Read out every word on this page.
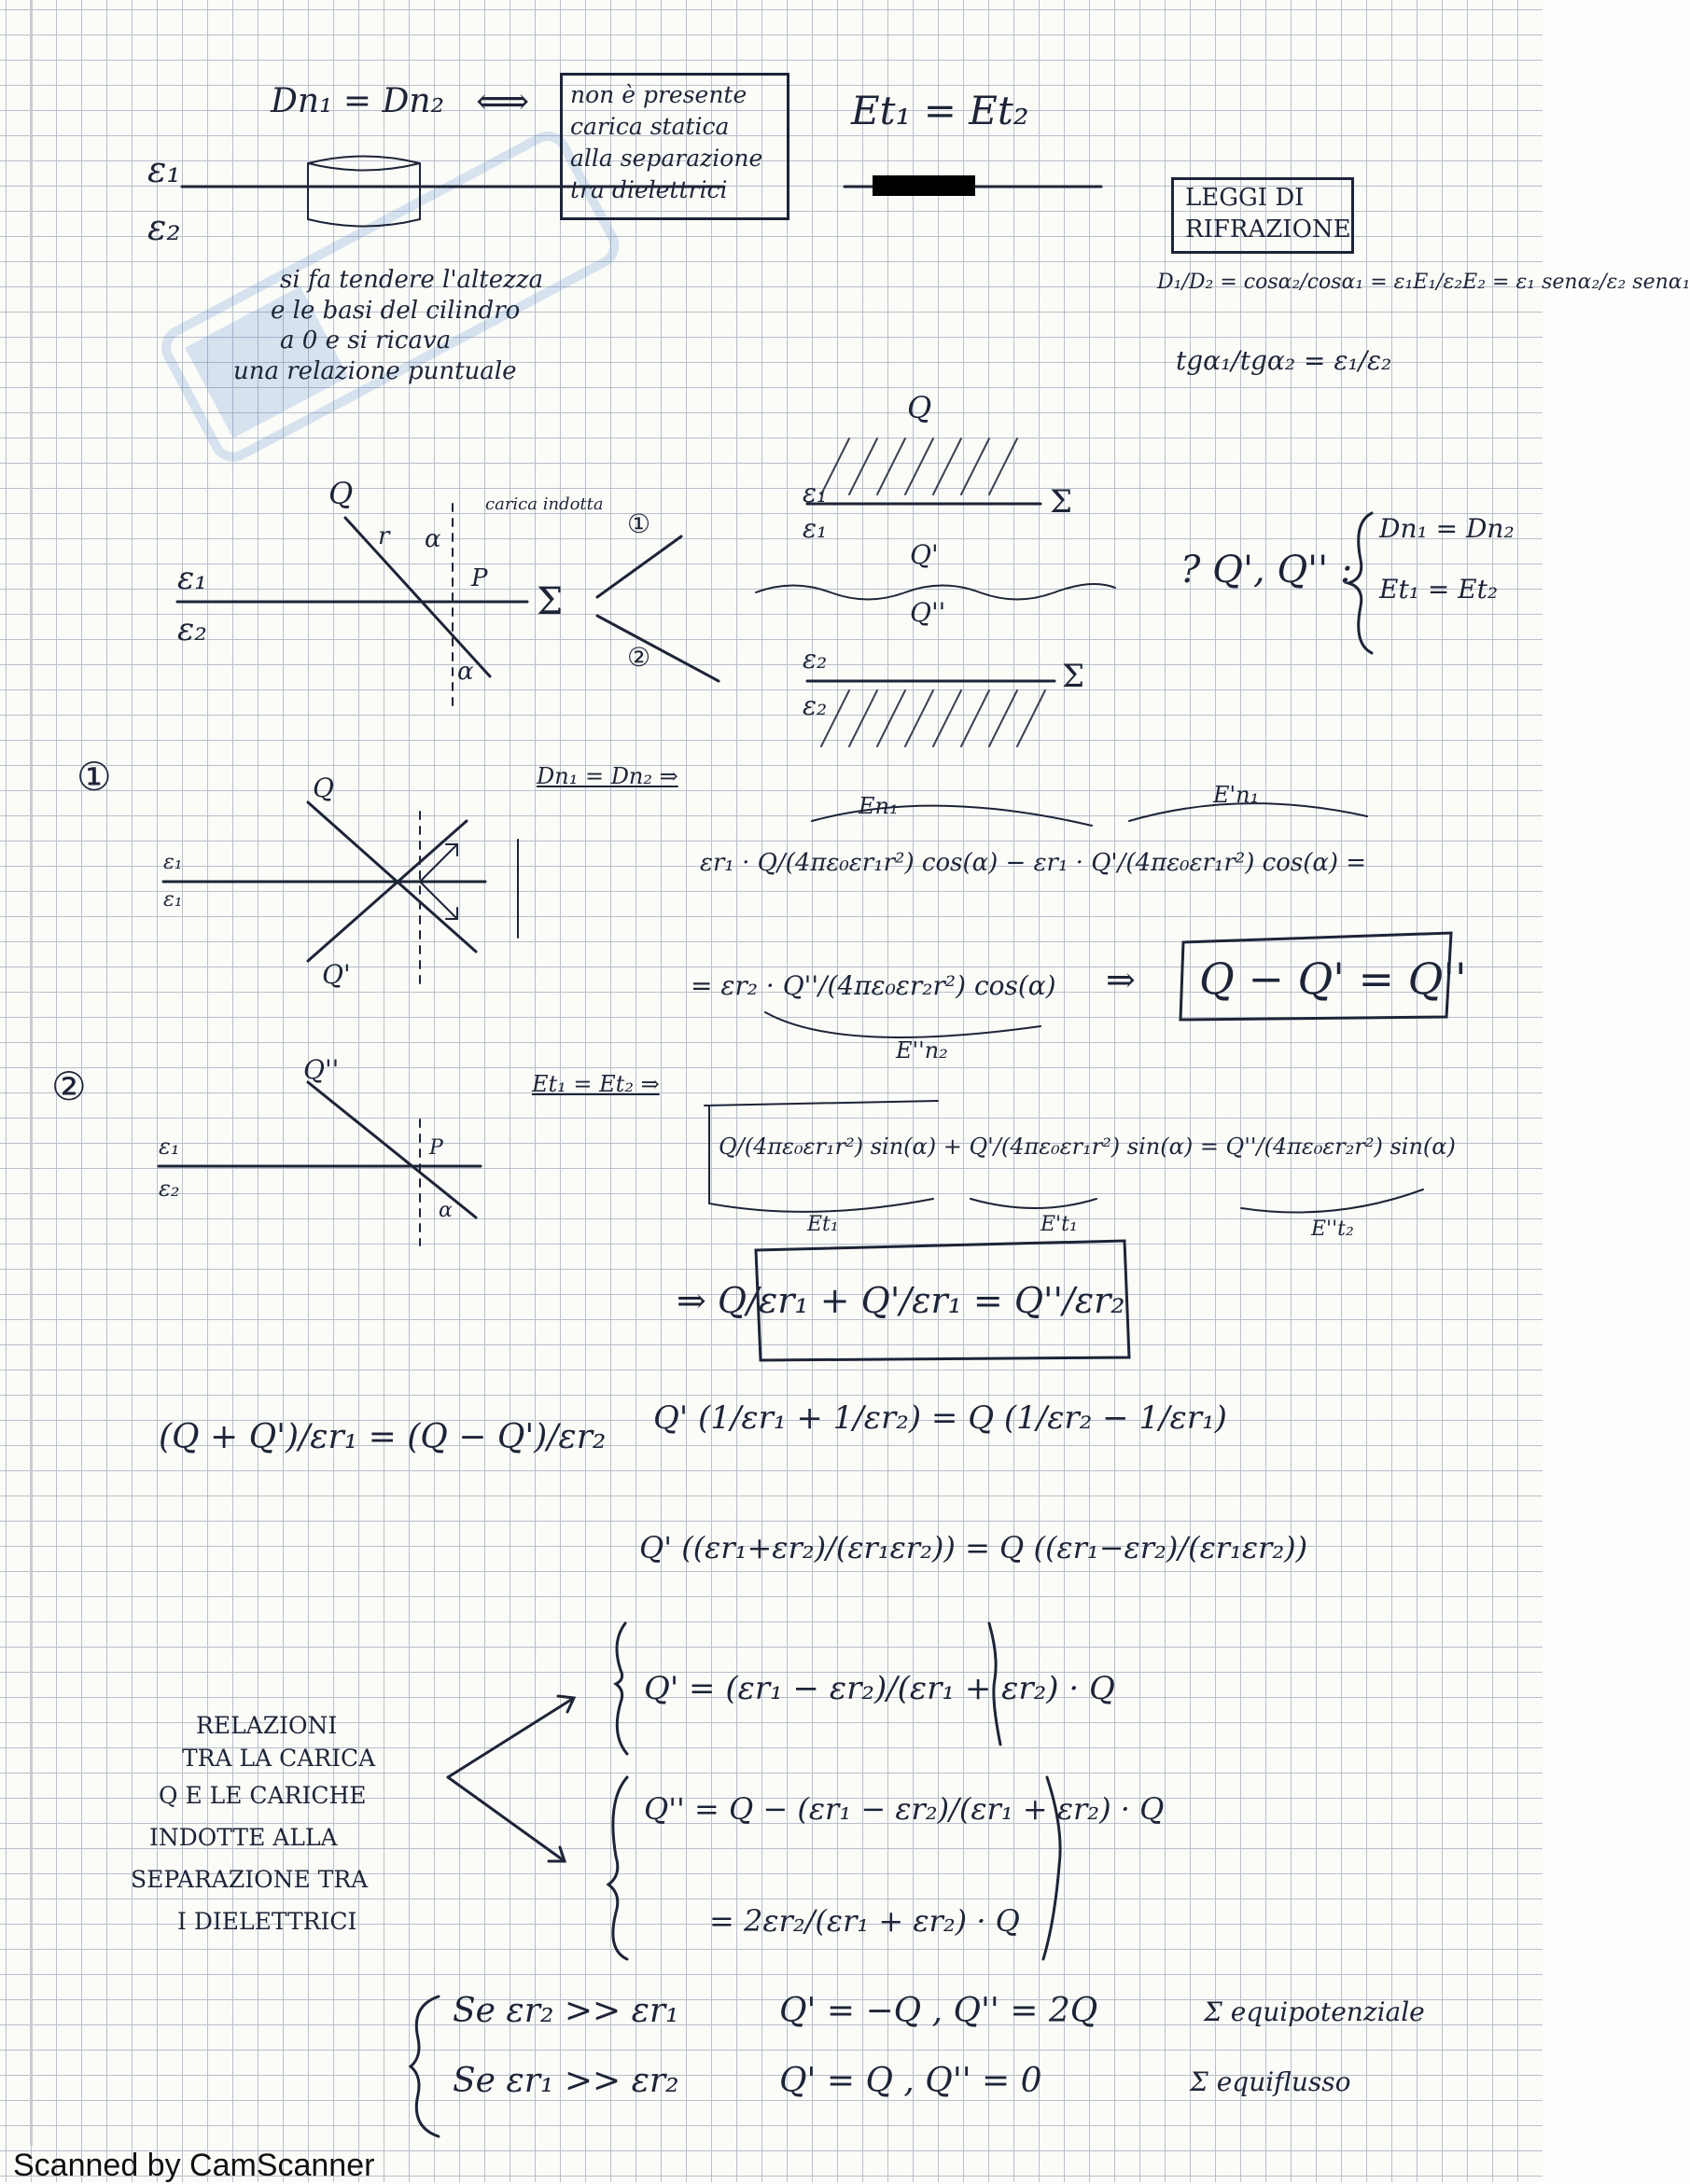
Dn₁ = Dn₂ ⟺ non è presente
carica statica
alla separazione
tra dielettrici
Et₁ = Et₂
ε₁
ε₂
si fa tendere l'altezza
e le basi del cilindro
a 0 e si ricava
una relazione puntuale
LEGGI DI
RIFRAZIONE
D₁/D₂ = cosα₂/cosα₁ = ε₁E₁/ε₂E₂ = ε₁ senα₂/ε₂ senα₁
tgα₁/tgα₂ = ε₁/ε₂
Q
Q
r α
P
α
carica indotta
ε₁
ε₂
Σ
①
②
ε₁
ε₁
Σ
Q'
Q''
ε₂
ε₂
Σ
? Q', Q'' :
Dn₁ = Dn₂
Et₁ = Et₂
①	Q
Q'
ε₁
ε₁
Dn₁ = Dn₂ ⇒
En₁	E'n₁
εr₁ · Q/(4πε₀εr₁r²) cos(α) − εr₁ · Q'/(4πε₀εr₁r²) cos(α) =
= εr₂ · Q''/(4πε₀εr₂r²) cos(α)
E''n₂
⇒ Q − Q' = Q''
②	Q''
ε₁
ε₂
P
α
Et₁ = Et₂ ⇒
Q/(4πε₀εr₁r²) sin(α) + Q'/(4πε₀εr₁r²) sin(α) = Q''/(4πε₀εr₂r²) sin(α)
Et₁	E't₁	E''t₂
⇒ Q/εr₁ + Q'/εr₁ = Q''/εr₂
(Q + Q')/εr₁ = (Q − Q')/εr₂ Q' (1/εr₁ + 1/εr₂) = Q (1/εr₂ − 1/εr₁)
Q' ((εr₁+εr₂)/(εr₁εr₂)) = Q ((εr₁−εr₂)/(εr₁εr₂))
Q' = (εr₁ − εr₂)/(εr₁ + εr₂) · Q
Q'' = Q − (εr₁ − εr₂)/(εr₁ + εr₂) · Q
= 2εr₂/(εr₁ + εr₂) · Q
RELAZIONI
TRA LA CARICA
Q E LE CARICHE
INDOTTE ALLA
SEPARAZIONE TRA
I DIELETTRICI
Se εr₂ >> εr₁	Q' = −Q , Q'' = 2Q	Σ equipotenziale
Se εr₁ >> εr₂	Q' = Q , Q'' = 0	Σ equiflusso
Scanned by CamScanner
